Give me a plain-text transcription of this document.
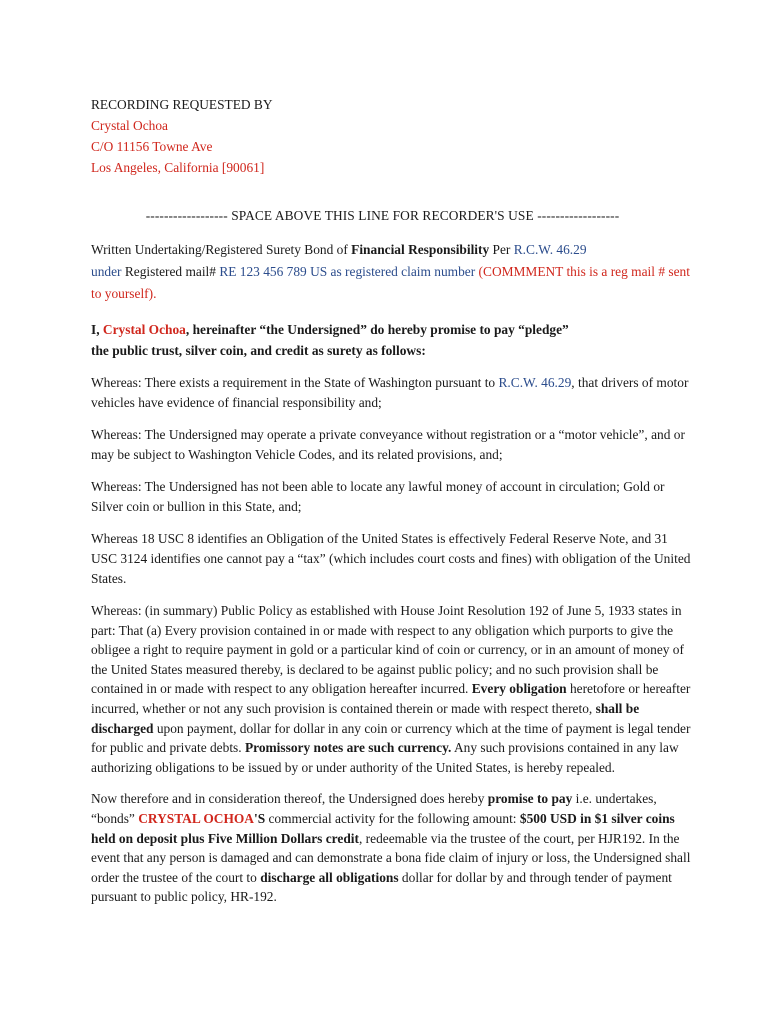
RECORDING REQUESTED BY

Crystal Ochoa

C/O 11156 Towne Ave

Los Angeles, California [90061]

------------------ SPACE ABOVE THIS LINE FOR RECORDER'S USE ------------------

Written Undertaking/Registered Surety Bond of Financial Responsibility Per R.C.W. 46.29
under Registered mail# RE 123 456 789 US as registered claim number (COMMMENT this is a reg mail # sent to yourself).

I, Crystal Ochoa, hereinafter “the Undersigned” do hereby promise to pay “pledge”
the public trust, silver coin, and credit as surety as follows:

Whereas: There exists a requirement in the State of Washington pursuant to R.C.W. 46.29, that drivers of motor vehicles have evidence of financial responsibility and;

Whereas: The Undersigned may operate a private conveyance without registration or a “motor vehicle”, and or may be subject to Washington Vehicle Codes, and its related provisions, and;

Whereas: The Undersigned has not been able to locate any lawful money of account in circulation; Gold or Silver coin or bullion in this State, and;

Whereas 18 USC 8 identifies an Obligation of the United States is effectively Federal Reserve Note, and 31 USC 3124 identifies one cannot pay a “tax” (which includes court costs and fines) with obligation of the United States.

Whereas: (in summary) Public Policy as established with House Joint Resolution 192 of June 5, 1933 states in part: That (a) Every provision contained in or made with respect to any obligation which purports to give the obligee a right to require payment in gold or a particular kind of coin or currency, or in an amount of money of the United States measured thereby, is declared to be against public policy; and no such provision shall be contained in or made with respect to any obligation hereafter incurred. Every obligation heretofore or hereafter incurred, whether or not any such provision is contained therein or made with respect thereto, shall be discharged upon payment, dollar for dollar in any coin or currency which at the time of payment is legal tender for public and private debts. Promissory notes are such currency. Any such provisions contained in any law authorizing obligations to be issued by or under authority of the United States, is hereby repealed.

Now therefore and in consideration thereof, the Undersigned does hereby promise to pay i.e. undertakes, “bonds” CRYSTAL OCHOA'S commercial activity for the following amount: $500 USD in $1 silver coins held on deposit plus Five Million Dollars credit, redeemable via the trustee of the court, per HJR192. In the event that any person is damaged and can demonstrate a bona fide claim of injury or loss, the Undersigned shall order the trustee of the court to discharge all obligations dollar for dollar by and through tender of payment pursuant to public policy, HR-192.
